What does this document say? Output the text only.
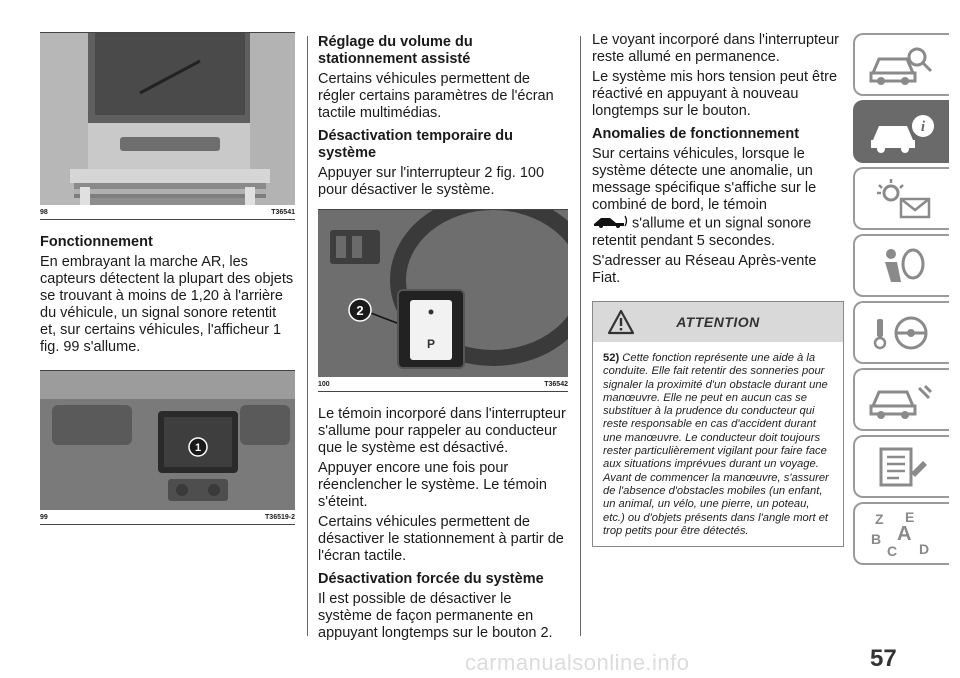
98	T36541
Fonctionnement
En embrayant la marche AR, les capteurs détectent la plupart des objets se trouvant à moins de 1,20 à l'arrière du véhicule, un signal sonore retentit et, sur certains véhicules, l'afficheur 1 fig. 99 s'allume.
1
99	T36519-2
Réglage du volume du stationnement assisté
Certains véhicules permettent de régler certains paramètres de l'écran tactile multimédias.
Désactivation temporaire du système
Appuyer sur l'interrupteur 2 fig. 100 pour désactiver le système.
2
P
100	T36542
Le témoin incorporé dans l'interrupteur s'allume pour rappeler au conducteur que le système est désactivé.
Appuyer encore une fois pour réenclencher le système. Le témoin s'éteint.
Certains véhicules permettent de désactiver le stationnement à partir de l'écran tactile.
Désactivation forcée du système
Il est possible de désactiver le système de façon permanente en appuyant longtemps sur le bouton 2.
Le voyant incorporé dans l'interrupteur reste allumé en permanence.
Le système mis hors tension peut être réactivé en appuyant à nouveau longtemps sur le bouton.
Anomalies de fonctionnement
Sur certains véhicules, lorsque le système détecte une anomalie, un message spécifique s'affiche sur le combiné de bord, le témoin
s'allume et un signal sonore retentit pendant 5 secondes.
S'adresser au Réseau Après-vente Fiat.
ATTENTION
52) Cette fonction représente une aide à la conduite. Elle fait retentir des sonneries pour signaler la proximité d'un obstacle durant une manœuvre. Elle ne peut en aucun cas se substituer à la prudence du conducteur qui reste responsable en cas d'accident durant une manœuvre. Le conducteur doit toujours rester particulièrement vigilant pour faire face aux situations imprévues durant un voyage. Avant de commencer la manœuvre, s'assurer de l'absence d'obstacles mobiles (un enfant, un animal, un vélo, une pierre, un poteau, etc.) ou d'objets présents dans l'angle mort et trop petits pour être détectés.
i
Z E
A
B
C D
carmanualsonline.info	57
